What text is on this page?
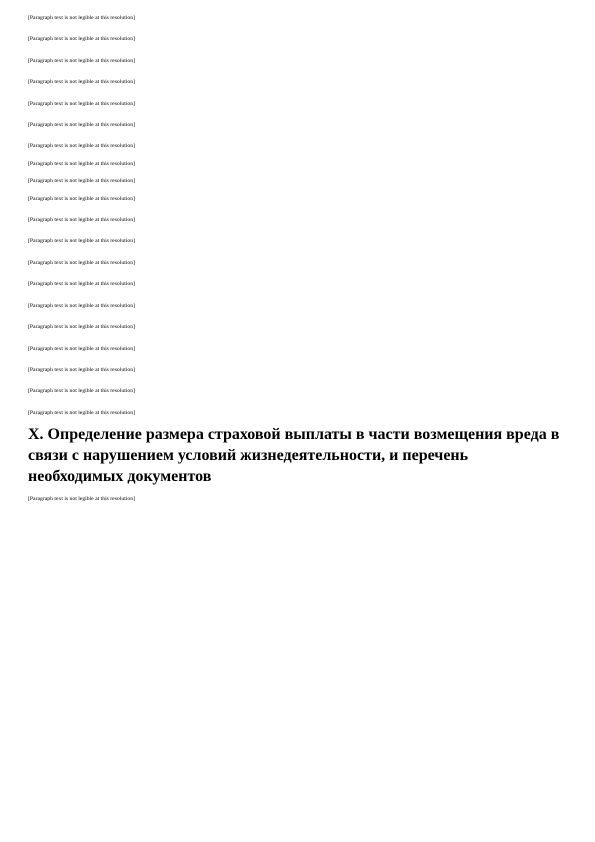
[Paragraph text is not legible at this resolution]
[Paragraph text is not legible at this resolution]
[Paragraph text is not legible at this resolution]
[Paragraph text is not legible at this resolution]
[Paragraph text is not legible at this resolution]
[Paragraph text is not legible at this resolution]
[Paragraph text is not legible at this resolution]
[Paragraph text is not legible at this resolution]
[Paragraph text is not legible at this resolution]
[Paragraph text is not legible at this resolution]
[Paragraph text is not legible at this resolution]
[Paragraph text is not legible at this resolution]
[Paragraph text is not legible at this resolution]
[Paragraph text is not legible at this resolution]
[Paragraph text is not legible at this resolution]
[Paragraph text is not legible at this resolution]
[Paragraph text is not legible at this resolution]
[Paragraph text is not legible at this resolution]
[Paragraph text is not legible at this resolution]
[Paragraph text is not legible at this resolution]
X. Определение размера страховой выплаты в части возмещения вреда в связи с нарушением условий жизнедеятельности, и перечень необходимых документов
[Paragraph text is not legible at this resolution]
